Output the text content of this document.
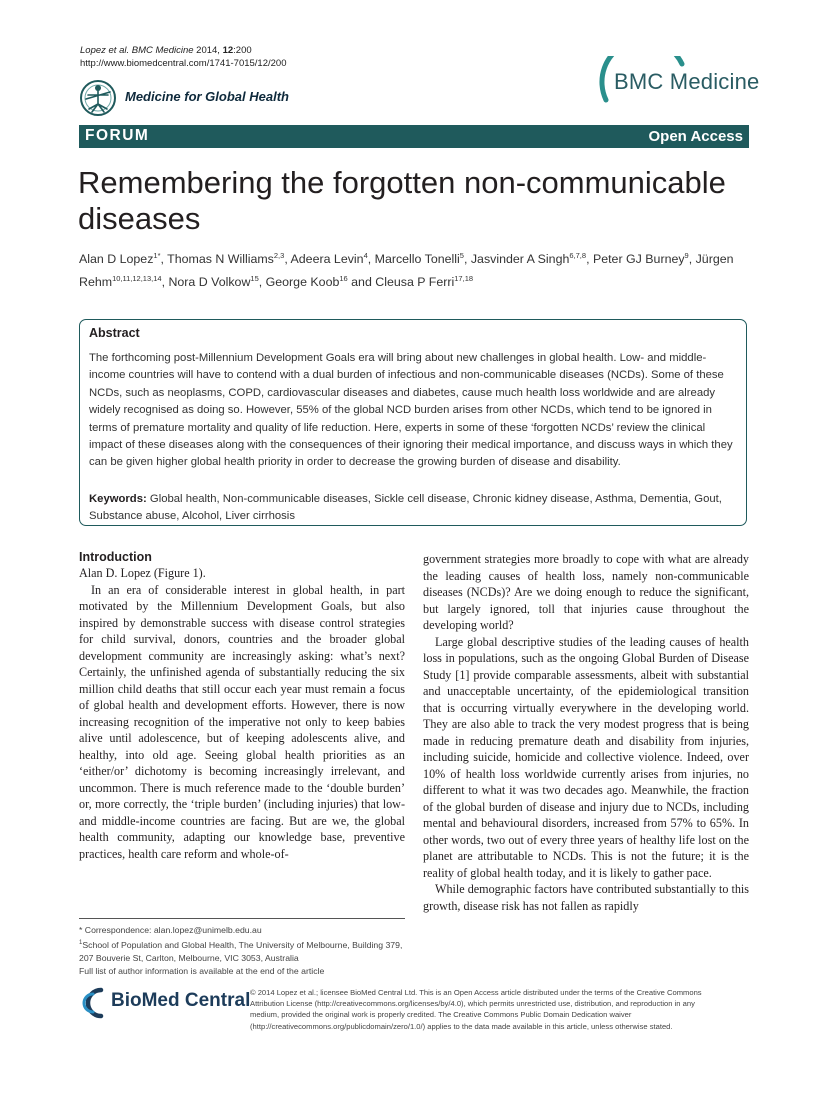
Lopez et al. BMC Medicine 2014, 12:200
http://www.biomedcentral.com/1741-7015/12/200
Medicine for Global Health
BMC Medicine
FORUM	Open Access
Remembering the forgotten non-communicable diseases
Alan D Lopez$^{1*}$, Thomas N Williams$^{2,3}$, Adeera Levin$^4$, Marcello Tonelli$^5$, Jasvinder A Singh$^{6,7,8}$, Peter GJ Burney$^9$, Jürgen Rehm$^{10,11,12,13,14}$, Nora D Volkow$^{15}$, George Koob$^{16}$ and Cleusa P Ferri$^{17,18}$
Abstract
The forthcoming post-Millennium Development Goals era will bring about new challenges in global health. Low- and middle-income countries will have to contend with a dual burden of infectious and non-communicable diseases (NCDs). Some of these NCDs, such as neoplasms, COPD, cardiovascular diseases and diabetes, cause much health loss worldwide and are already widely recognised as doing so. However, 55% of the global NCD burden arises from other NCDs, which tend to be ignored in terms of premature mortality and quality of life reduction. Here, experts in some of these ‘forgotten NCDs’ review the clinical impact of these diseases along with the consequences of their ignoring their medical importance, and discuss ways in which they can be given higher global health priority in order to decrease the growing burden of disease and disability.
Keywords: Global health, Non-communicable diseases, Sickle cell disease, Chronic kidney disease, Asthma, Dementia, Gout, Substance abuse, Alcohol, Liver cirrhosis
Introduction

Alan D. Lopez (Figure 1).

In an era of considerable interest in global health, in part motivated by the Millennium Development Goals, but also inspired by demonstrable success with disease control strategies for child survival, donors, countries and the broader global development community are increasingly asking: what’s next? Certainly, the unfinished agenda of substantially reducing the six million child deaths that still occur each year must remain a focus of global health and development efforts. However, there is now increasing recognition of the imperative not only to keep babies alive until adolescence, but of keeping adolescents alive, and healthy, into old age. Seeing global health priorities as an ‘either/or’ dichotomy is becoming increasingly irrelevant, and uncommon. There is much reference made to the ‘double burden’ or, more correctly, the ‘triple burden’ (including injuries) that low- and middle-income countries are facing. But are we, the global health community, adapting our knowledge base, preventive practices, health care reform and whole-of-

government strategies more broadly to cope with what are already the leading causes of health loss, namely non-communicable diseases (NCDs)? Are we doing enough to reduce the significant, but largely ignored, toll that injuries cause throughout the developing world?

Large global descriptive studies of the leading causes of health loss in populations, such as the ongoing Global Burden of Disease Study [1] provide comparable assessments, albeit with substantial and unacceptable uncertainty, of the epidemiological transition that is occurring virtually everywhere in the developing world. They are also able to track the very modest progress that is being made in reducing premature death and disability from injuries, including suicide, homicide and collective violence. Indeed, over 10% of health loss worldwide currently arises from injuries, no different to what it was two decades ago. Meanwhile, the fraction of the global burden of disease and injury due to NCDs, including mental and behavioural disorders, increased from 57% to 65%. In other words, two out of every three years of healthy life lost on the planet are attributable to NCDs. This is not the future; it is the reality of global health today, and it is likely to gather pace.

While demographic factors have contributed substantially to this growth, disease risk has not fallen as rapidly

* Correspondence: alan.lopez@unimelb.edu.au
$^1$School of Population and Global Health, The University of Melbourne, Building 379, 207 Bouverie St, Carlton, Melbourne, VIC 3053, Australia
Full list of author information is available at the end of the article
BioMed Central © 2014 Lopez et al.; licensee BioMed Central Ltd. This is an Open Access article distributed under the terms of the Creative Commons Attribution License (http://creativecommons.org/licenses/by/4.0), which permits unrestricted use, distribution, and reproduction in any medium, provided the original work is properly credited. The Creative Commons Public Domain Dedication waiver (http://creativecommons.org/publicdomain/zero/1.0/) applies to the data made available in this article, unless otherwise stated.
